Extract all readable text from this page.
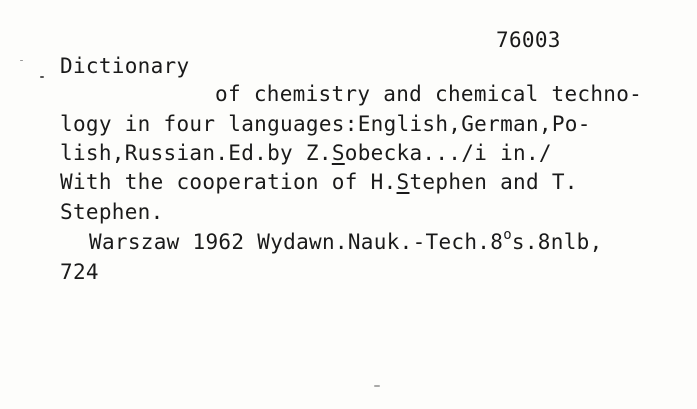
76003
Dictionary
of chemistry and chemical techno-
logy in four languages:English,German,Po-
lish,Russian.Ed.by Z.Sobecka.../i in./
With the cooperation of H.Stephen and T.
Stephen.
Warszaw 1962 Wydawn.Nauk.-Tech.8$^o$s.8nlb,
724
